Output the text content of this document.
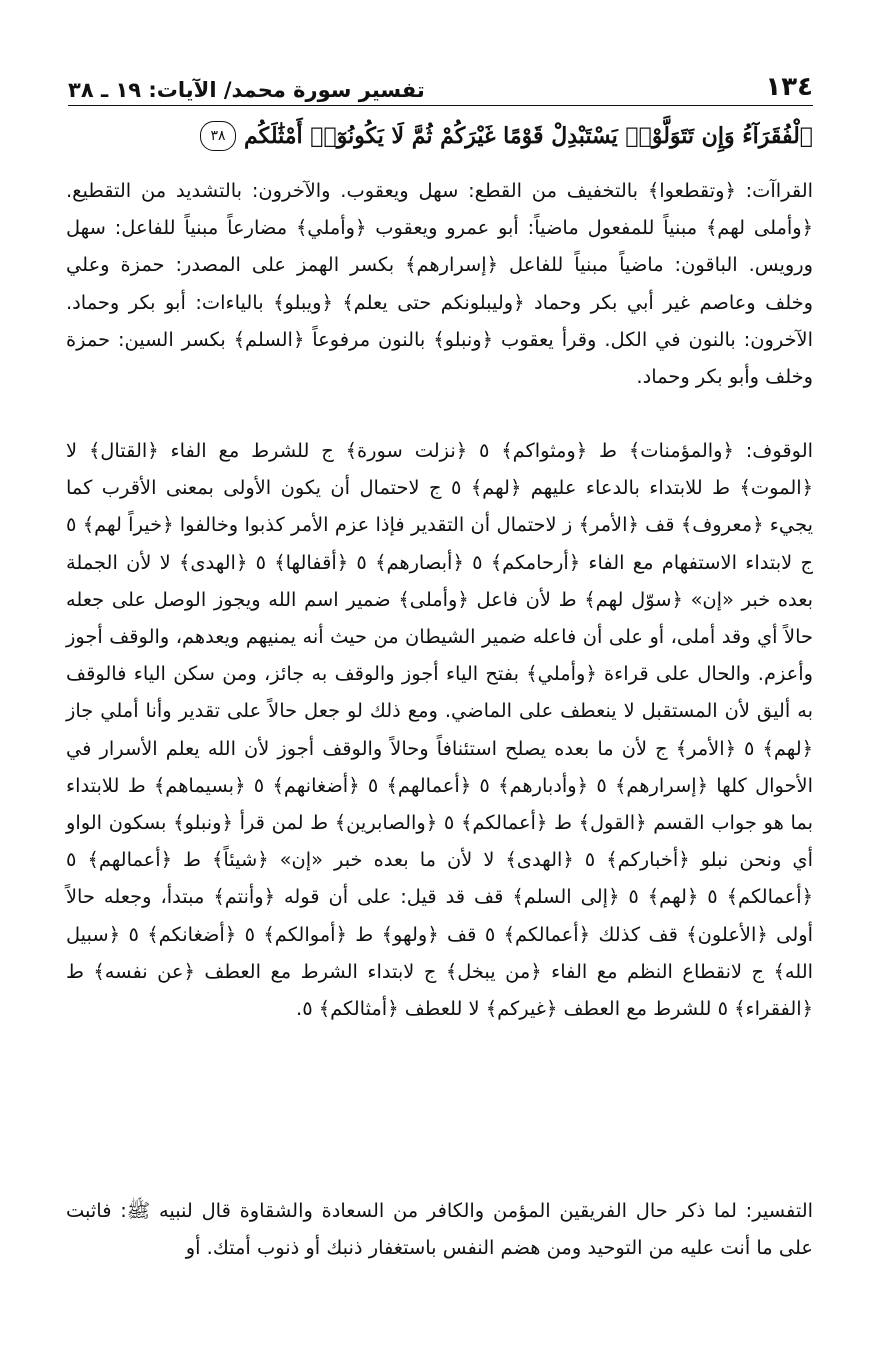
١٣٤
تفسير سورة محمد/ الآيات: ١٩ ـ ٣٨
ٱلْفُقَرَآءُ وَإِن تَتَوَلَّوْا۟ يَسْتَبْدِلْ قَوْمًا غَيْرَكُمْ ثُمَّ لَا يَكُونُوٓا۟ أَمْثَٰلَكُم
٣٨

القراآت: ﴿وتقطعوا﴾ بالتخفيف من القطع: سهل ويعقوب. والآخرون: بالتشديد من التقطيع. ﴿وأملى لهم﴾ مبنياً للمفعول ماضياً: أبو عمرو ويعقوب ﴿وأملي﴾ مضارعاً مبنياً للفاعل: سهل ورويس. الباقون: ماضياً مبنياً للفاعل ﴿إسرارهم﴾ بكسر الهمز على المصدر: حمزة وعلي وخلف وعاصم غير أبي بكر وحماد ﴿وليبلونكم حتى يعلم﴾ ﴿ويبلو﴾ بالياءات: أبو بكر وحماد. الآخرون: بالنون في الكل. وقرأ يعقوب ﴿ونبلو﴾ بالنون مرفوعاً ﴿السلم﴾ بكسر السين: حمزة وخلف وأبو بكر وحماد.

الوقوف: ﴿والمؤمنات﴾ ط ﴿ومثواكم﴾ ٥ ﴿نزلت سورة﴾ ج للشرط مع الفاء ﴿القتال﴾ لا ﴿الموت﴾ ط للابتداء بالدعاء عليهم ﴿لهم﴾ ٥ ج لاحتمال أن يكون الأولى بمعنى الأقرب كما يجيء ﴿معروف﴾ قف ﴿الأمر﴾ ز لاحتمال أن التقدير فإذا عزم الأمر كذبوا وخالفوا ﴿خيراً لهم﴾ ٥ ج لابتداء الاستفهام مع الفاء ﴿أرحامكم﴾ ٥ ﴿أبصارهم﴾ ٥ ﴿أقفالها﴾ ٥ ﴿الهدى﴾ لا لأن الجملة بعده خبر «إن» ﴿سوّل لهم﴾ ط لأن فاعل ﴿وأملى﴾ ضمير اسم الله ويجوز الوصل على جعله حالاً أي وقد أملى، أو على أن فاعله ضمير الشيطان من حيث أنه يمنيهم ويعدهم، والوقف أجوز وأعزم. والحال على قراءة ﴿وأملي﴾ بفتح الياء أجوز والوقف به جائز، ومن سكن الياء فالوقف به أليق لأن المستقبل لا ينعطف على الماضي. ومع ذلك لو جعل حالاً على تقدير وأنا أملي جاز ﴿لهم﴾ ٥ ﴿الأمر﴾ ج لأن ما بعده يصلح استئنافاً وحالاً والوقف أجوز لأن الله يعلم الأسرار في الأحوال كلها ﴿إسرارهم﴾ ٥ ﴿وأدبارهم﴾ ٥ ﴿أعمالهم﴾ ٥ ﴿أضغانهم﴾ ٥ ﴿بسيماهم﴾ ط للابتداء بما هو جواب القسم ﴿القول﴾ ط ﴿أعمالكم﴾ ٥ ﴿والصابرين﴾ ط لمن قرأ ﴿ونبلو﴾ بسكون الواو أي ونحن نبلو ﴿أخباركم﴾ ٥ ﴿الهدى﴾ لا لأن ما بعده خبر «إن» ﴿شيئاً﴾ ط ﴿أعمالهم﴾ ٥ ﴿أعمالكم﴾ ٥ ﴿لهم﴾ ٥ ﴿إلى السلم﴾ قف قد قيل: على أن قوله ﴿وأنتم﴾ مبتدأ، وجعله حالاً أولى ﴿الأعلون﴾ قف كذلك ﴿أعمالكم﴾ ٥ قف ﴿ولهو﴾ ط ﴿أموالكم﴾ ٥ ﴿أضغانكم﴾ ٥ ﴿سبيل الله﴾ ج لانقطاع النظم مع الفاء ﴿من يبخل﴾ ج لابتداء الشرط مع العطف ﴿عن نفسه﴾ ط ﴿الفقراء﴾ ٥ للشرط مع العطف ﴿غيركم﴾ لا للعطف ﴿أمثالكم﴾ ٥.

التفسير: لما ذكر حال الفريقين المؤمن والكافر من السعادة والشقاوة قال لنبيه ﷺ: فاثبت على ما أنت عليه من التوحيد ومن هضم النفس باستغفار ذنبك أو ذنوب أمتك. أو
